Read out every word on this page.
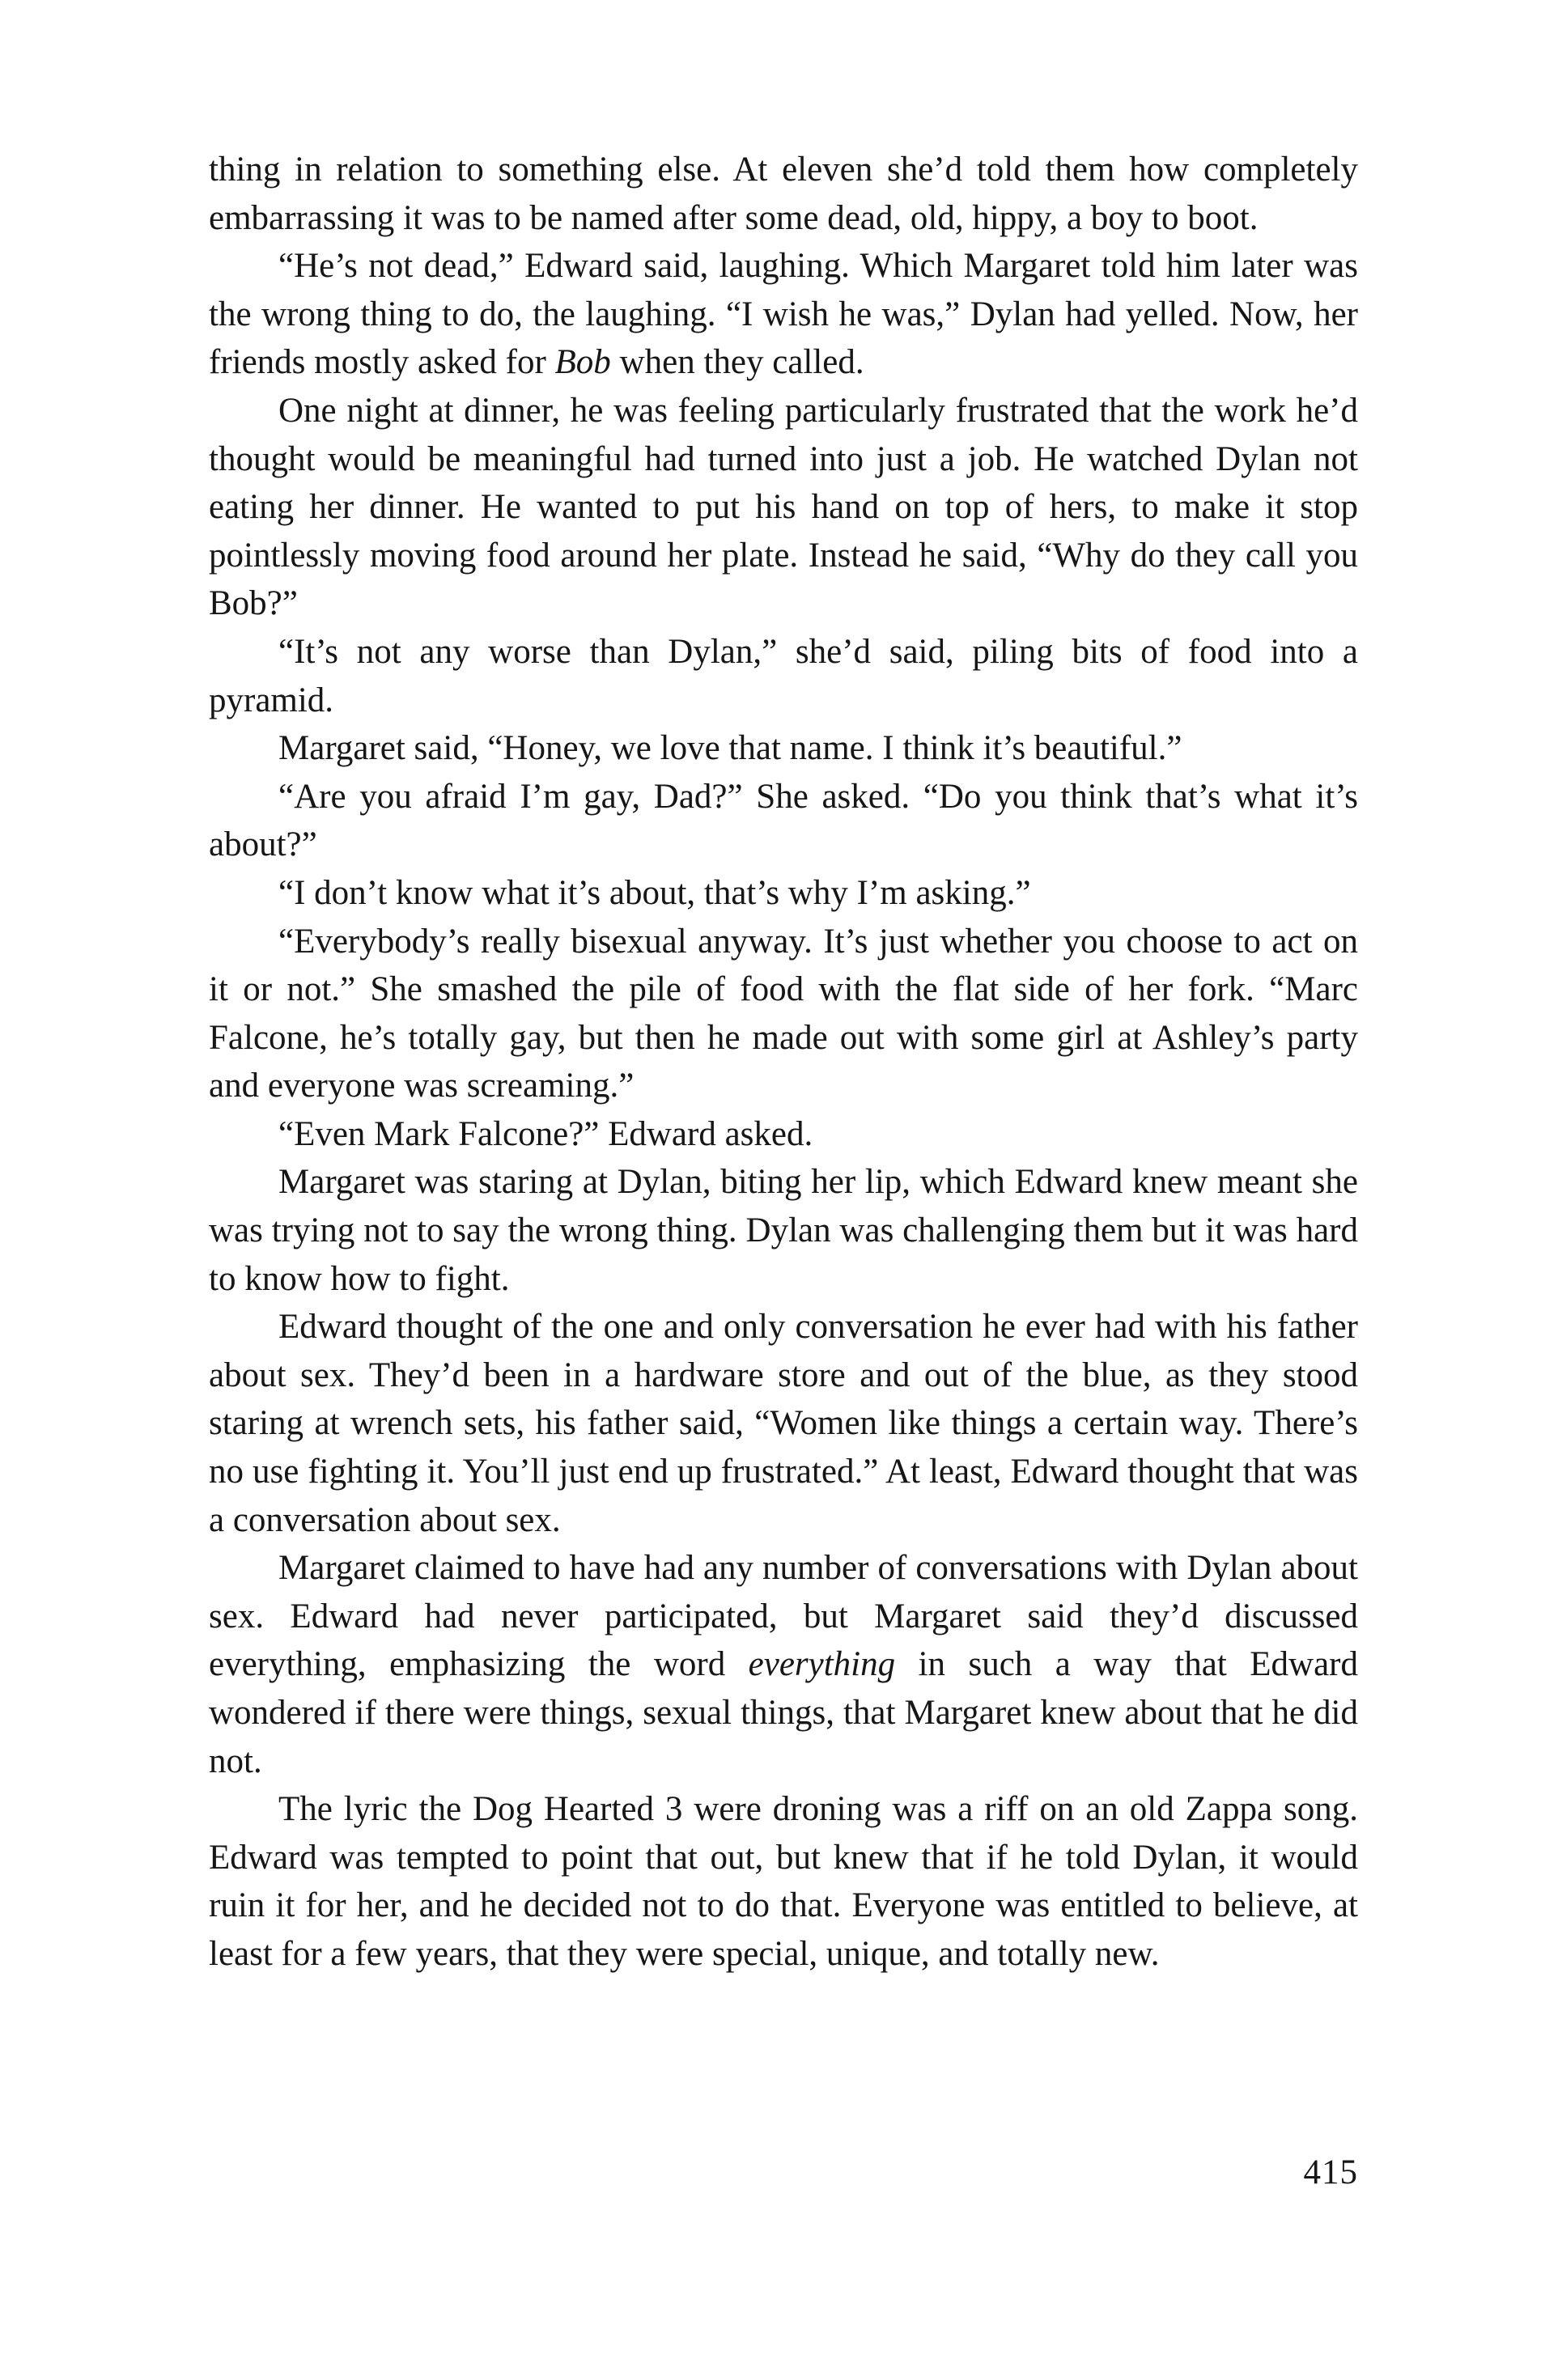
thing in relation to something else. At eleven she’d told them how completely embarrassing it was to be named after some dead, old, hippy, a boy to boot.

“He’s not dead,” Edward said, laughing. Which Margaret told him later was the wrong thing to do, the laughing. “I wish he was,” Dylan had yelled. Now, her friends mostly asked for Bob when they called.

One night at dinner, he was feeling particularly frustrated that the work he’d thought would be meaningful had turned into just a job. He watched Dylan not eating her dinner. He wanted to put his hand on top of hers, to make it stop pointlessly moving food around her plate. Instead he said, “Why do they call you Bob?”

“It’s not any worse than Dylan,” she’d said, piling bits of food into a pyramid.

Margaret said, “Honey, we love that name. I think it’s beautiful.”

“Are you afraid I’m gay, Dad?” She asked. “Do you think that’s what it’s about?”

“I don’t know what it’s about, that’s why I’m asking.”

“Everybody’s really bisexual anyway. It’s just whether you choose to act on it or not.” She smashed the pile of food with the flat side of her fork. “Marc Falcone, he’s totally gay, but then he made out with some girl at Ashley’s party and everyone was screaming.”

“Even Mark Falcone?” Edward asked.

Margaret was staring at Dylan, biting her lip, which Edward knew meant she was trying not to say the wrong thing. Dylan was challenging them but it was hard to know how to fight.

Edward thought of the one and only conversation he ever had with his father about sex. They’d been in a hardware store and out of the blue, as they stood staring at wrench sets, his father said, “Women like things a certain way. There’s no use fighting it. You’ll just end up frustrated.” At least, Edward thought that was a conversation about sex.

Margaret claimed to have had any number of conversations with Dylan about sex. Edward had never participated, but Margaret said they’d discussed everything, emphasizing the word everything in such a way that Edward wondered if there were things, sexual things, that Margaret knew about that he did not.

The lyric the Dog Hearted 3 were droning was a riff on an old Zappa song. Edward was tempted to point that out, but knew that if he told Dylan, it would ruin it for her, and he decided not to do that. Everyone was entitled to believe, at least for a few years, that they were special, unique, and totally new.

415
